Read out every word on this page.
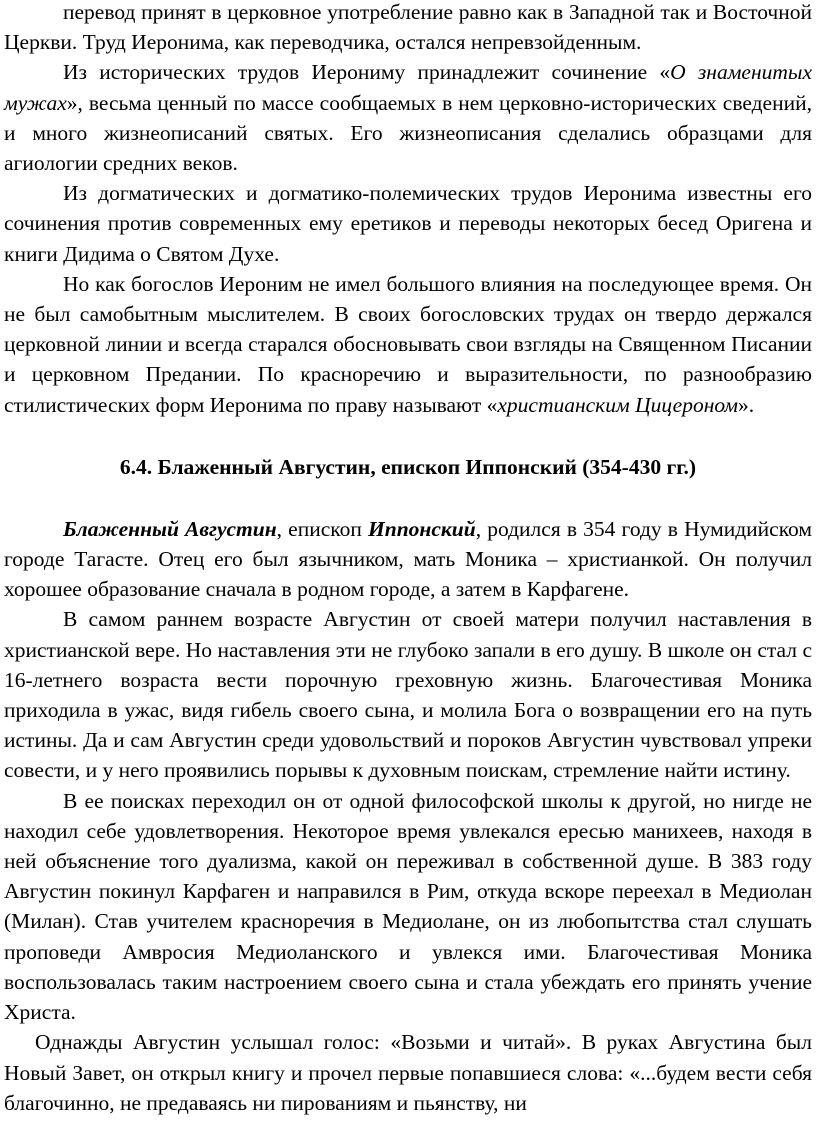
перевод принят в церковное употребление равно как в Западной так и Восточной Церкви. Труд Иеронима, как переводчика, остался непревзойденным.

Из исторических трудов Иерониму принадлежит сочинение «О знаменитых мужах», весьма ценный по массе сообщаемых в нем церковно-исторических сведений, и много жизнеописаний святых. Его жизнеописания сделались образцами для агиологии средних веков.

Из догматических и догматико-полемических трудов Иеронима известны его сочинения против современных ему еретиков и переводы некоторых бесед Оригена и книги Дидима о Святом Духе.

Но как богослов Иероним не имел большого влияния на последующее время. Он не был самобытным мыслителем. В своих богословских трудах он твердо держался церковной линии и всегда старался обосновывать свои взгляды на Священном Писании и церковном Предании. По красноречию и выразительности, по разнообразию стилистических форм Иеронима по праву называют «христианским Цицероном».

6.4. Блаженный Августин, епископ Иппонский (354-430 гг.)

Блаженный Августин, епископ Иппонский, родился в 354 году в Нумидийском городе Тагасте. Отец его был язычником, мать Моника – христианкой. Он получил хорошее образование сначала в родном городе, а затем в Карфагене.

В самом раннем возрасте Августин от своей матери получил наставления в христианской вере. Но наставления эти не глубоко запали в его душу. В школе он стал с 16-летнего возраста вести порочную греховную жизнь. Благочестивая Моника приходила в ужас, видя гибель своего сына, и молила Бога о возвращении его на путь истины. Да и сам Августин среди удовольствий и пороков Августин чувствовал упреки совести, и у него проявились порывы к духовным поискам, стремление найти истину.

В ее поисках переходил он от одной философской школы к другой, но нигде не находил себе удовлетворения. Некоторое время увлекался ересью манихеев, находя в ней объяснение того дуализма, какой он переживал в собственной душе. В 383 году Августин покинул Карфаген и направился в Рим, откуда вскоре переехал в Медиолан (Милан). Став учителем красноречия в Медиолане, он из любопытства стал слушать проповеди Амвросия Медиоланского и увлекся ими. Благочестивая Моника воспользовалась таким настроением своего сына и стала убеждать его принять учение Христа.

Однажды Августин услышал голос: «Возьми и читай». В руках Августина был Новый Завет, он открыл книгу и прочел первые попавшиеся слова: «...будем вести себя благочинно, не предаваясь ни пированиям и пьянству, ни
